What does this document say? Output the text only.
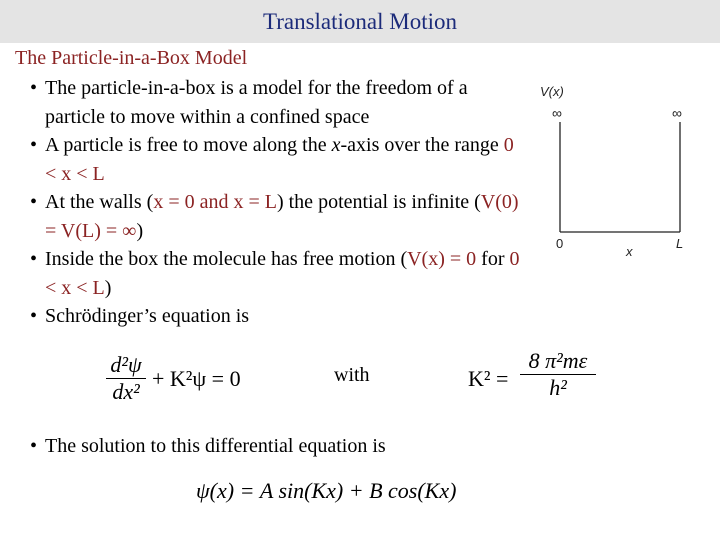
Translational Motion
The Particle-in-a-Box Model
• The particle-in-a-box is a model for the freedom of a particle to move within a confined space
• A particle is free to move along the x-axis over the range 0 < x < L
• At the walls (x = 0 and x = L) the potential is infinite (V(0) = V(L) = ∞)
• Inside the box the molecule has free motion (V(x) = 0 for 0 < x < L)
• Schrödinger’s equation is
V(x)
∞	∞
0	L
x
d²ψ
dx²
+ K²ψ = 0	with	K² =
8 π²mε
h²
• The solution to this differential equation is
ψ(x) = A sin(Kx) + B cos(Kx)
